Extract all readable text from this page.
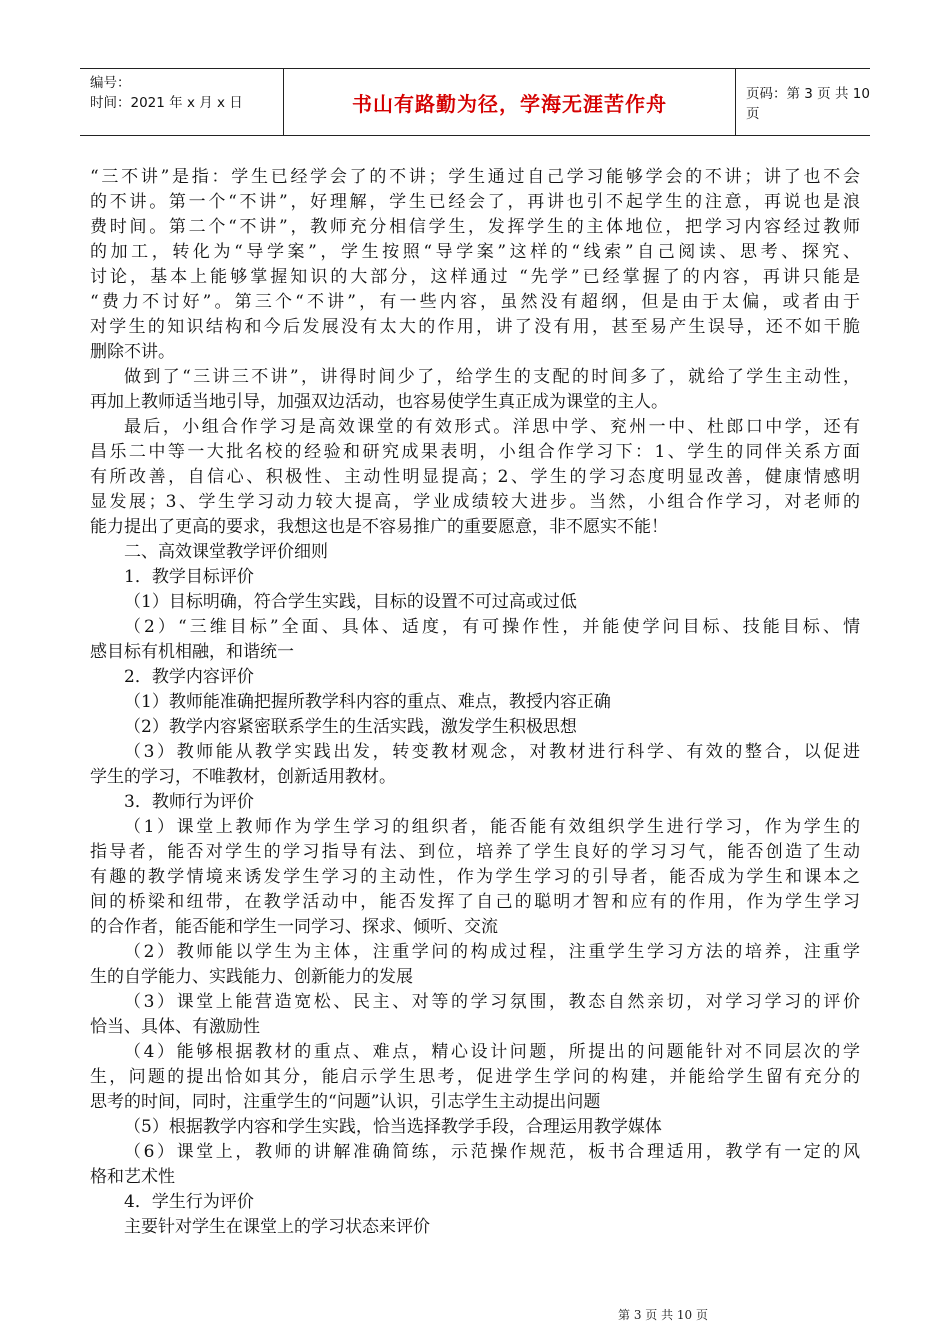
编号：
时间：2021 年 x 月 x 日	书山有路勤为径，学海无涯苦作舟	页码：第 3 页 共 10 页
“三不讲”是指：学生已经学会了的不讲；学生通过自己学习能够学会的不讲；讲了也不会
的不讲。第一个“不讲”，好理解，学生已经会了，再讲也引不起学生的注意，再说也是浪
费时间。第二个“不讲”，教师充分相信学生，发挥学生的主体地位，把学习内容经过教师
的加工，转化为“导学案”，学生按照“导学案”这样的“线索”自己阅读、思考、探究、
讨论，基本上能够掌握知识的大部分，这样通过 “先学”已经掌握了的内容，再讲只能是
“费力不讨好”。第三个“不讲”，有一些内容，虽然没有超纲，但是由于太偏，或者由于
对学生的知识结构和今后发展没有太大的作用，讲了没有用，甚至易产生误导，还不如干脆
删除不讲。
做到了“三讲三不讲”，讲得时间少了，给学生的支配的时间多了，就给了学生主动性，
再加上教师适当地引导，加强双边活动，也容易使学生真正成为课堂的主人。
最后，小组合作学习是高效课堂的有效形式。洋思中学、兖州一中、杜郎口中学，还有
昌乐二中等一大批名校的经验和研究成果表明，小组合作学习下：1、学生的同伴关系方面
有所改善，自信心、积极性、主动性明显提高；2、学生的学习态度明显改善，健康情感明
显发展；3、学生学习动力较大提高，学业成绩较大进步。当然，小组合作学习，对老师的
能力提出了更高的要求，我想这也是不容易推广的重要愿意，非不愿实不能！
二、高效课堂教学评价细则
1．教学目标评价
（1）目标明确，符合学生实践，目标的设置不可过高或过低
（2）“三维目标”全面、具体、适度，有可操作性，并能使学问目标、技能目标、情
感目标有机相融，和谐统一
2．教学内容评价
（1）教师能准确把握所教学科内容的重点、难点，教授内容正确
（2）教学内容紧密联系学生的生活实践，激发学生积极思想
（3）教师能从教学实践出发，转变教材观念，对教材进行科学、有效的整合，以促进
学生的学习，不唯教材，创新适用教材。
3．教师行为评价
（1）课堂上教师作为学生学习的组织者，能否能有效组织学生进行学习，作为学生的
指导者，能否对学生的学习指导有法、到位，培养了学生良好的学习习气，能否创造了生动
有趣的教学情境来诱发学生学习的主动性，作为学生学习的引导者，能否成为学生和课本之
间的桥梁和纽带，在教学活动中，能否发挥了自己的聪明才智和应有的作用，作为学生学习
的合作者，能否能和学生一同学习、探求、倾听、交流
（2）教师能以学生为主体，注重学问的构成过程，注重学生学习方法的培养，注重学
生的自学能力、实践能力、创新能力的发展
（3）课堂上能营造宽松、民主、对等的学习氛围，教态自然亲切，对学习学习的评价
恰当、具体、有激励性
（4）能够根据教材的重点、难点，精心设计问题，所提出的问题能针对不同层次的学
生，问题的提出恰如其分，能启示学生思考，促进学生学问的构建，并能给学生留有充分的
思考的时间，同时，注重学生的“问题”认识，引志学生主动提出问题
（5）根据教学内容和学生实践，恰当选择教学手段，合理运用教学媒体
（6）课堂上，教师的讲解准确简练，示范操作规范，板书合理适用，教学有一定的风
格和艺术性
4．学生行为评价
主要针对学生在课堂上的学习状态来评价
第 3 页 共 10 页
